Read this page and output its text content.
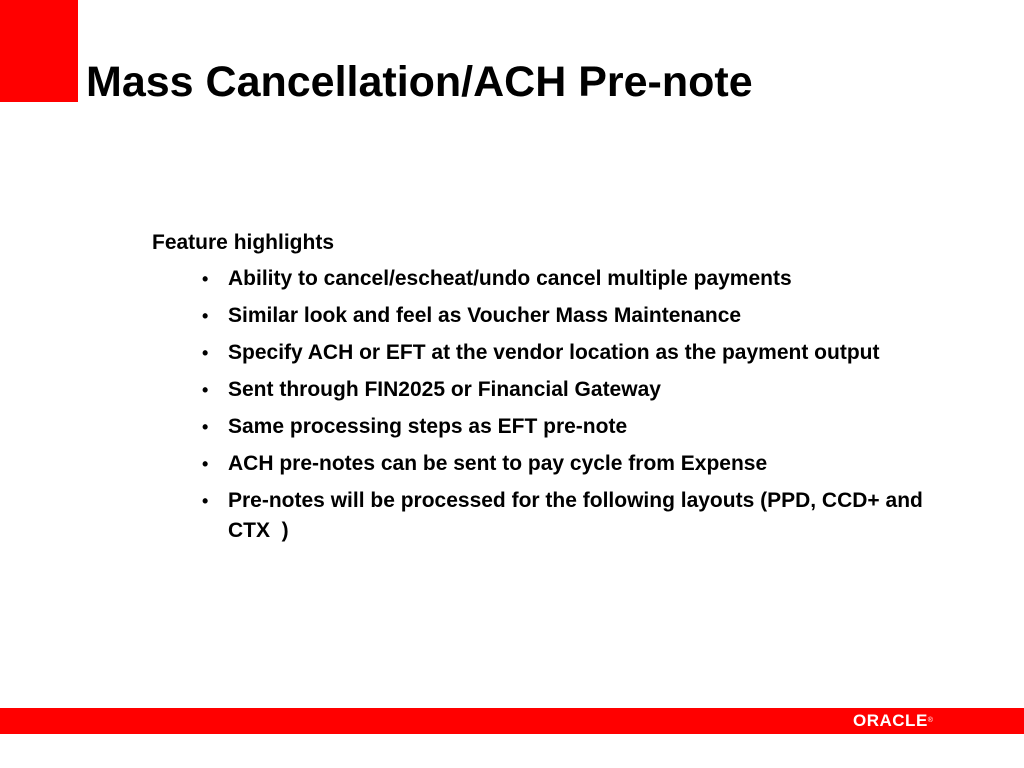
Mass Cancellation/ACH Pre-note
Feature highlights
• Ability to cancel/escheat/undo cancel multiple payments
• Similar look and feel as Voucher Mass Maintenance
• Specify ACH or EFT at the vendor location as the payment output
• Sent through FIN2025 or Financial Gateway
• Same processing steps as EFT pre-note
• ACH pre-notes can be sent to pay cycle from Expense
• Pre-notes will be processed for the following layouts (PPD, CCD+ and CTX  )
ORACLE®
